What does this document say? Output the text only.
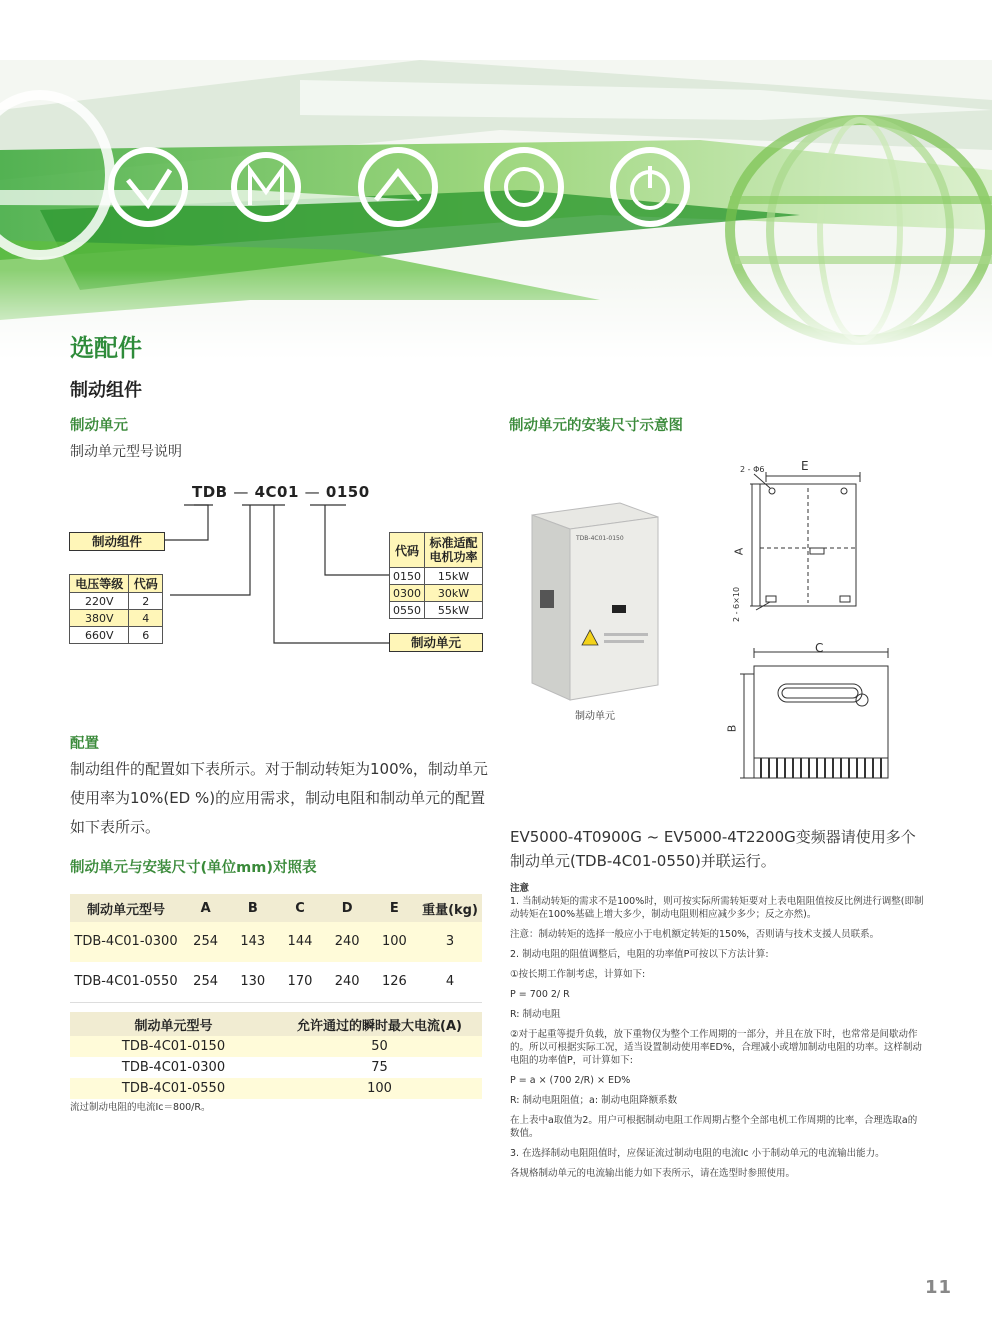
选配件
制动组件
制动单元
制动单元型号说明
TDB — 4C01 — 0150
制动组件
电压等级	代码
220V	2
380V	4
660V	6
代码	标准适配电机功率
0150	15kW
0300	30kW
0550	55kW
制动单元
配置
制动组件的配置如下表所示。对于制动转矩为100%，制动单元使用率为10%(ED %)的应用需求，制动电阻和制动单元的配置如下表所示。
制动单元与安装尺寸(单位mm)对照表
制动单元型号	A	B	C	D	E	重量(kg)
TDB-4C01-0300	254	143	144	240	100	3
TDB-4C01-0550	254	130	170	240	126	4
制动单元型号	允许通过的瞬时最大电流(A)
TDB-4C01-0150	50
TDB-4C01-0300	75
TDB-4C01-0550	100
流过制动电阻的电流Ic＝800/R。
制动单元的安装尺寸示意图
TDB-4C01-0150
制动单元
2 - Φ6	E
A
2 - 6×10
C
B
EV5000-4T0900G ~ EV5000-4T2200G变频器请使用多个制动单元(TDB-4C01-0550)并联运行。
注意
1. 当制动转矩的需求不是100%时，则可按实际所需转矩要对上表电阻阻值按反比例进行调整(即制动转矩在100%基础上增大多少，制动电阻则相应减少多少；反之亦然)。
注意：制动转矩的选择一般应小于电机额定转矩的150%，否则请与技术支援人员联系。
2. 制动电阻的阻值调整后，电阻的功率值P可按以下方法计算:
①按长期工作制考虑，计算如下:
P = 700 2/ R
R: 制动电阻
②对于起重等提升负载，放下重物仅为整个工作周期的一部分，并且在放下时，也常常是间歇动作的。所以可根据实际工况，适当设置制动使用率ED%，合理减小或增加制动电阻的功率。这样制动电阻的功率值P，可计算如下:
P = a × (700 2/R) × ED%
R: 制动电阻阻值；a: 制动电阻降额系数
在上表中a取值为2。用户可根据制动电阻工作周期占整个全部电机工作周期的比率，合理选取a的数值。
3. 在选择制动电阻阻值时，应保证流过制动电阻的电流Ic 小于制动单元的电流输出能力。
各规格制动单元的电流输出能力如下表所示，请在选型时参照使用。
11
